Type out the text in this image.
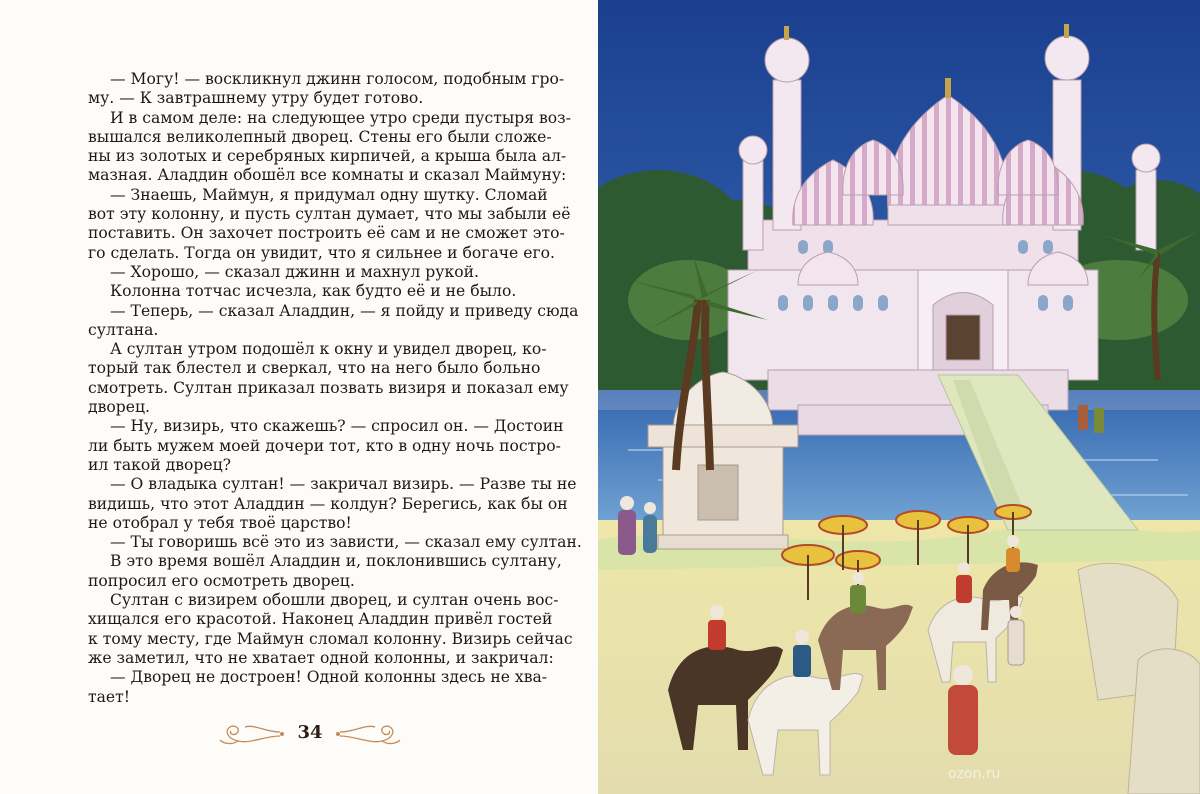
— Могу! — воскликнул джинн голосом, подобным гро-
му. — К завтрашнему утру будет готово.
И в самом деле: на следующее утро среди пустыря воз-
вышался великолепный дворец. Стены его были сложе-
ны из золотых и серебряных кирпичей, а крыша была ал-
мазная. Аладдин обошёл все комнаты и сказал Маймуну:
— Знаешь, Маймун, я придумал одну шутку. Сломай
вот эту колонну, и пусть султан думает, что мы забыли её
поставить. Он захочет построить её сам и не сможет это-
го сделать. Тогда он увидит, что я сильнее и богаче его.
— Хорошо, — сказал джинн и махнул рукой.
Колонна тотчас исчезла, как будто её и не было.
— Теперь, — сказал Аладдин, — я пойду и приведу сюда
султана.
А султан утром подошёл к окну и увидел дворец, ко-
торый так блестел и сверкал, что на него было больно
смотреть. Султан приказал позвать визиря и показал ему
дворец.
— Ну, визирь, что скажешь? — спросил он. — Достоин
ли быть мужем моей дочери тот, кто в одну ночь постро-
ил такой дворец?
— О владыка султан! — закричал визирь. — Разве ты не
видишь, что этот Аладдин — колдун? Берегись, как бы он
не отобрал у тебя твоё царство!
— Ты говоришь всё это из зависти, — сказал ему султан.
В это время вошёл Аладдин и, поклонившись султану,
попросил его осмотреть дворец.
Султан с визирем обошли дворец, и султан очень вос-
хищался его красотой. Наконец Аладдин привёл гостей
к тому месту, где Маймун сломал колонну. Визирь сейчас
же заметил, что не хватает одной колонны, и закричал:
— Дворец не достроен! Одной колонны здесь не хва-
тает!
34
ozon.ru
